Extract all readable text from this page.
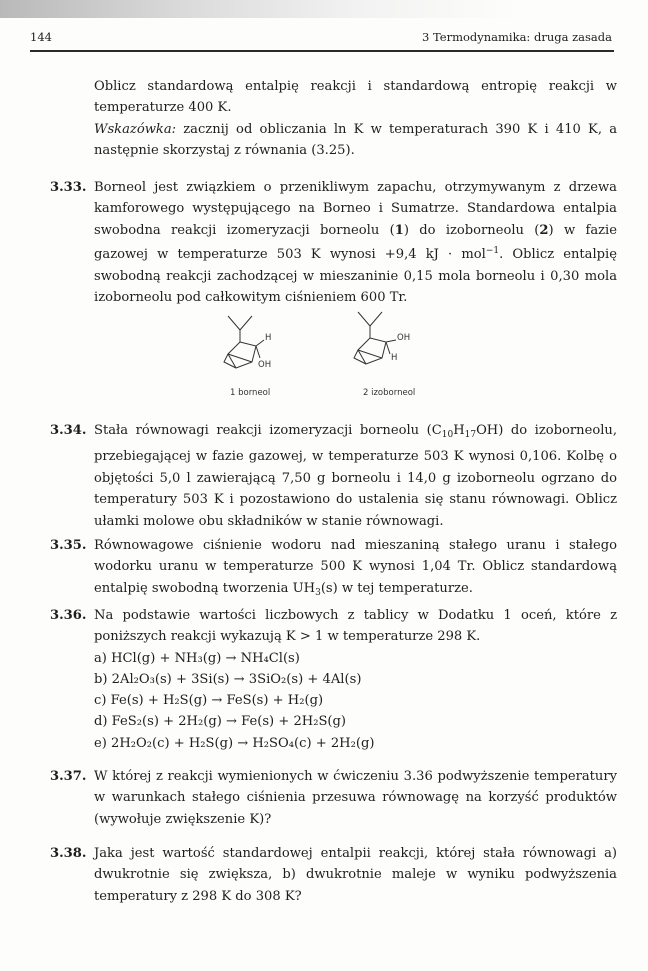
144	3 Termodynamika: druga zasada
Oblicz standardową entalpię reakcji i standardową entropię reakcji w temperaturze 400 K.
Wskazówka: zacznij od obliczania ln K w temperaturach 390 K i 410 K, a następnie skorzystaj z równania (3.25).
3.33. Borneol jest związkiem o przenikliwym zapachu, otrzymywanym z drzewa kamforowego występującego na Borneo i Sumatrze. Standardowa entalpia swobodna reakcji izomeryzacji borneolu (1) do izoborneolu (2) w fazie gazowej w temperaturze 503 K wynosi +9,4 kJ · mol$^{-1}$. Oblicz entalpię swobodną reakcji zachodzącej w mieszaninie 0,15 mola borneolu i 0,30 mola izoborneolu pod całkowitym ciśnieniem 600 Tr.
H
OH
OH
H
1 borneol	2 izoborneol
3.34. Stała równowagi reakcji izomeryzacji borneolu $(C_{10}H_{17}OH)$ do izoborneolu, przebiegającej w fazie gazowej, w temperaturze 503 K wynosi 0,106. Kolbę o objętości 5,0 l zawierającą 7,50 g borneolu i 14,0 g izoborneolu ogrzano do temperatury 503 K i pozostawiono do ustalenia się stanu równowagi. Oblicz ułamki molowe obu składników w stanie równowagi.
3.35. Równowagowe ciśnienie wodoru nad mieszaniną stałego uranu i stałego wodorku uranu w temperaturze 500 K wynosi 1,04 Tr. Oblicz standardową entalpię swobodną tworzenia $UH_3(s)$ w tej temperaturze.
3.36. Na podstawie wartości liczbowych z tablicy w Dodatku 1 oceń, które z poniższych reakcji wykazują K > 1 w temperaturze 298 K.
a) HCl(g) + NH₃(g) → NH₄Cl(s)
b) 2Al₂O₃(s) + 3Si(s) → 3SiO₂(s) + 4Al(s)
c) Fe(s) + H₂S(g) → FeS(s) + H₂(g)
d) FeS₂(s) + 2H₂(g) → Fe(s) + 2H₂S(g)
e) 2H₂O₂(c) + H₂S(g) → H₂SO₄(c) + 2H₂(g)
3.37. W której z reakcji wymienionych w ćwiczeniu 3.36 podwyższenie temperatury w warunkach stałego ciśnienia przesuwa równowagę na korzyść produktów (wywołuje zwiększenie K)?
3.38. Jaka jest wartość standardowej entalpii reakcji, której stała równowagi a) dwukrotnie się zwiększa, b) dwukrotnie maleje w wyniku podwyższenia temperatury z 298 K do 308 K?
